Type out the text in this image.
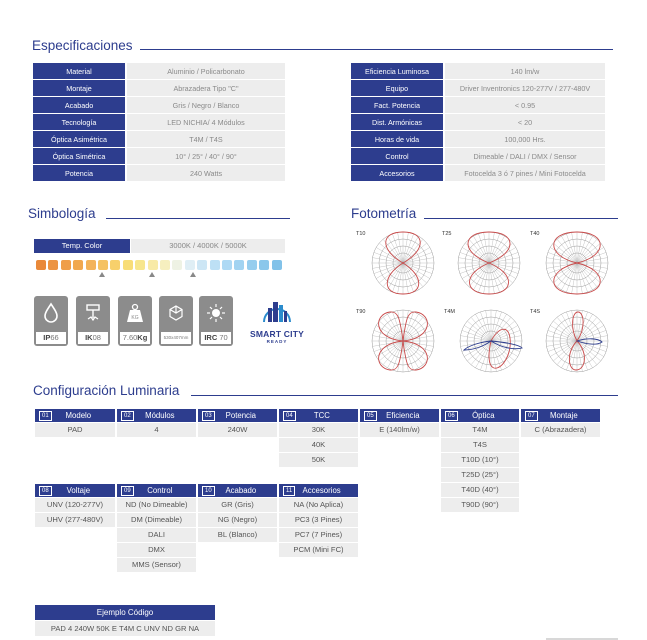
Especificaciones
Material	Aluminio / Policarbonato
Montaje	Abrazadera Tipo "C"
Acabado	Gris / Negro / Blanco
Tecnología	LED NICHIA/ 4 Módulos
Óptica Asimétrica	T4M / T4S
Óptica Simétrica	10° / 25° / 40° / 90°
Potencia	240 Watts
Eficiencia Luminosa	140 lm/w
Equipo	Driver Inventronics 120-277V / 277-480V
Fact. Potencia	< 0.95
Dist. Armónicas	< 20
Horas de vida	100,000 Hrs.
Control	Dimeable / DALI / DMX / Sensor
Accesorios	Fotocelda 3 ó 7 pines / Mini Fotocelda
Simbología
Temp. Color	3000K / 4000K / 5000K
IP66	IK08
KG
7.60Kg	530x407mm	IRC 70	SMART CITY
READY
Fotometría
T10	T25	T40
T90	T4M	T4S
Configuración Luminaria
01	Modelo
PAD
02	Módulos
4
03	Potencia
240W
04	TCC
30K
40K
50K
05	Eficiencia
E (140lm/w)
06	Óptica
T4M
T4S
T10D (10°)
T25D (25°)
T40D (40°)
T90D (90°)
07	Montaje
C (Abrazadera)
08	Voltaje
UNV (120-277V)
UHV (277-480V)
09	Control
ND (No Dimeable)
DM (Dimeable)
DALI
DMX
MMS (Sensor)
10	Acabado
GR (Gris)
NG (Negro)
BL (Blanco)
11	Accesorios
NA (No Aplica)
PC3 (3 Pines)
PC7 (7 Pines)
PCM (Mini FC)
Ejemplo Código
PAD 4 240W 50K E T4M C UNV ND GR NA
